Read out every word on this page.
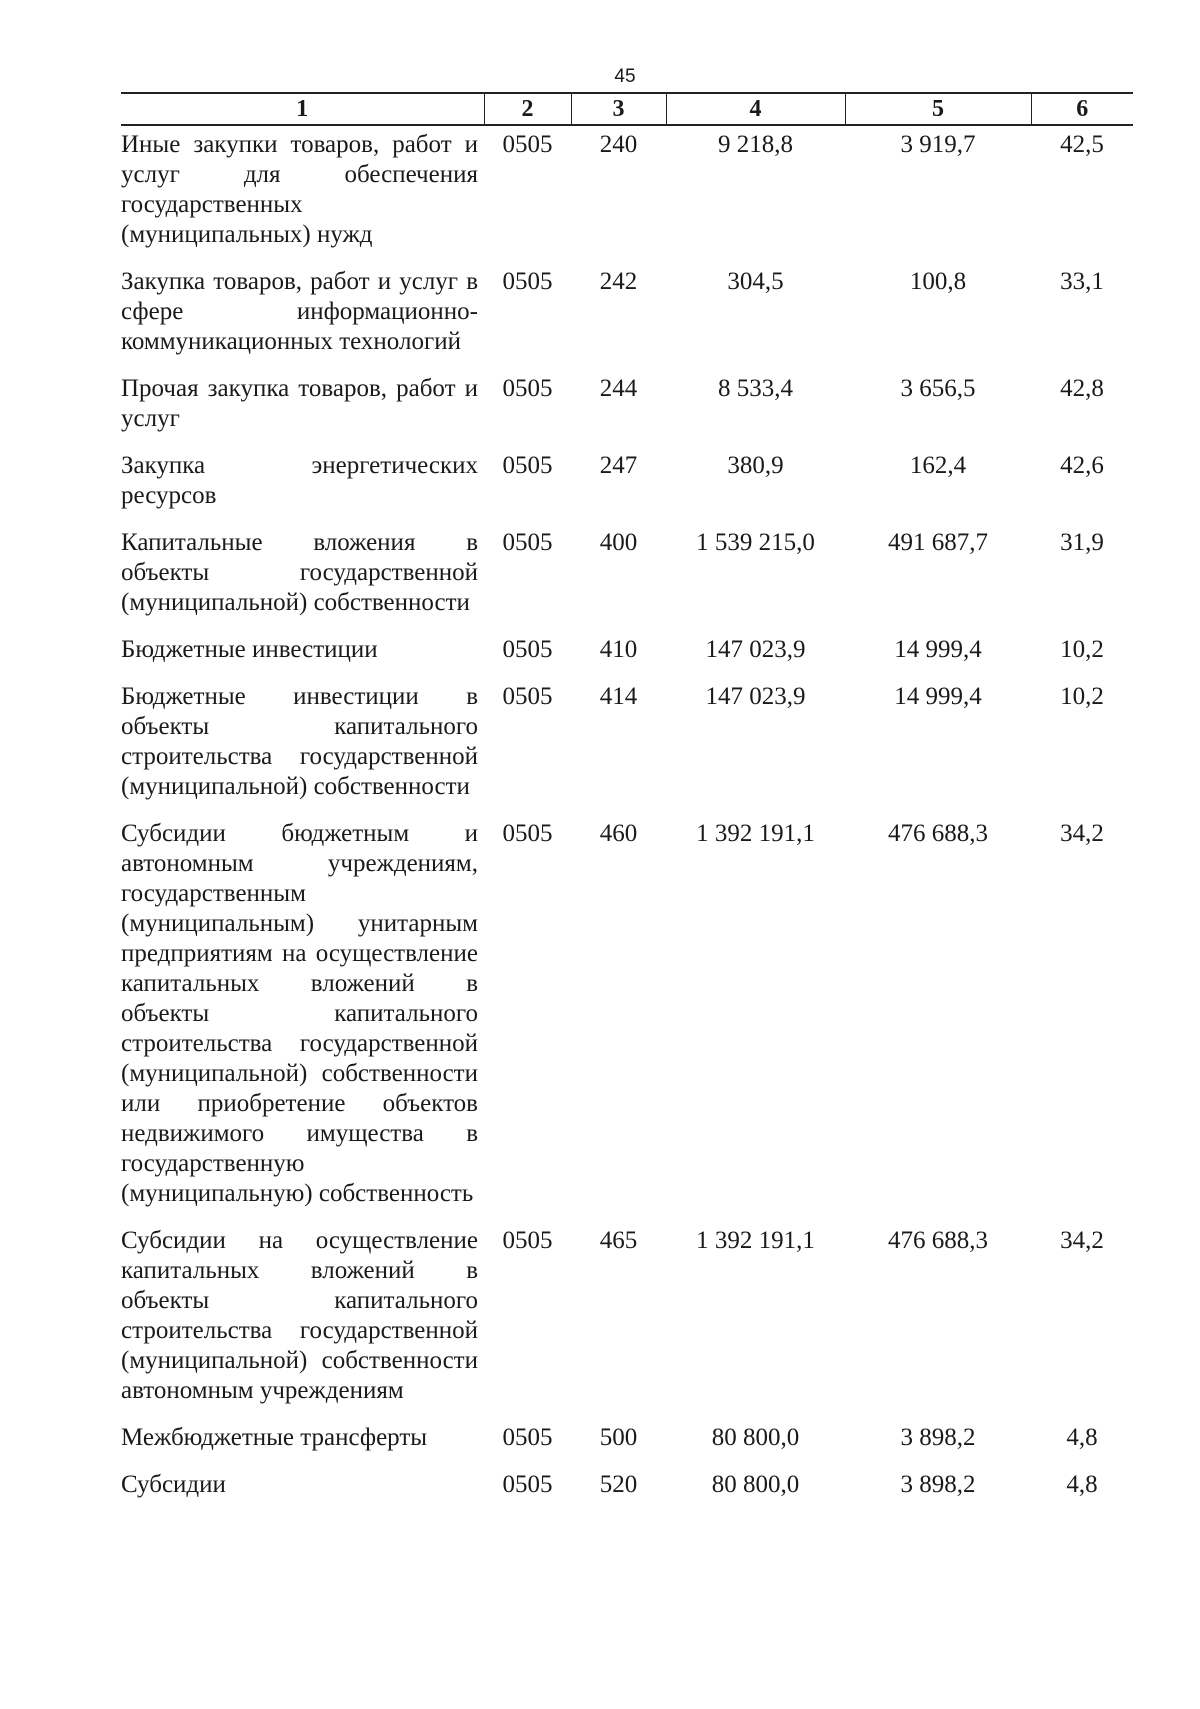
45
1	2	3	4	5	6
Иные закупки товаров, работ и услуг для обеспечения государственных (муниципальных) нужд	0505	240	9 218,8	3 919,7	42,5
Закупка товаров, работ и услуг в сфере информационно-коммуникационных технологий	0505	242	304,5	100,8	33,1
Прочая закупка товаров, работ и услуг	0505	244	8 533,4	3 656,5	42,8
Закупка энергетических ресурсов	0505	247	380,9	162,4	42,6
Капитальные вложения в объекты государственной (муниципальной) собственности	0505	400	1 539 215,0	491 687,7	31,9
Бюджетные инвестиции	0505	410	147 023,9	14 999,4	10,2
Бюджетные инвестиции в объекты капитального строительства государственной (муниципальной) собственности	0505	414	147 023,9	14 999,4	10,2
Субсидии бюджетным и автономным учреждениям, государственным (муниципальным) унитарным предприятиям на осуществление капитальных вложений в объекты капитального строительства государственной (муниципальной) собственности или приобретение объектов недвижимого имущества в государственную (муниципальную) собственность	0505	460	1 392 191,1	476 688,3	34,2
Субсидии на осуществление капитальных вложений в объекты капитального строительства государственной (муниципальной) собственности автономным учреждениям	0505	465	1 392 191,1	476 688,3	34,2
Межбюджетные трансферты	0505	500	80 800,0	3 898,2	4,8
Субсидии	0505	520	80 800,0	3 898,2	4,8
